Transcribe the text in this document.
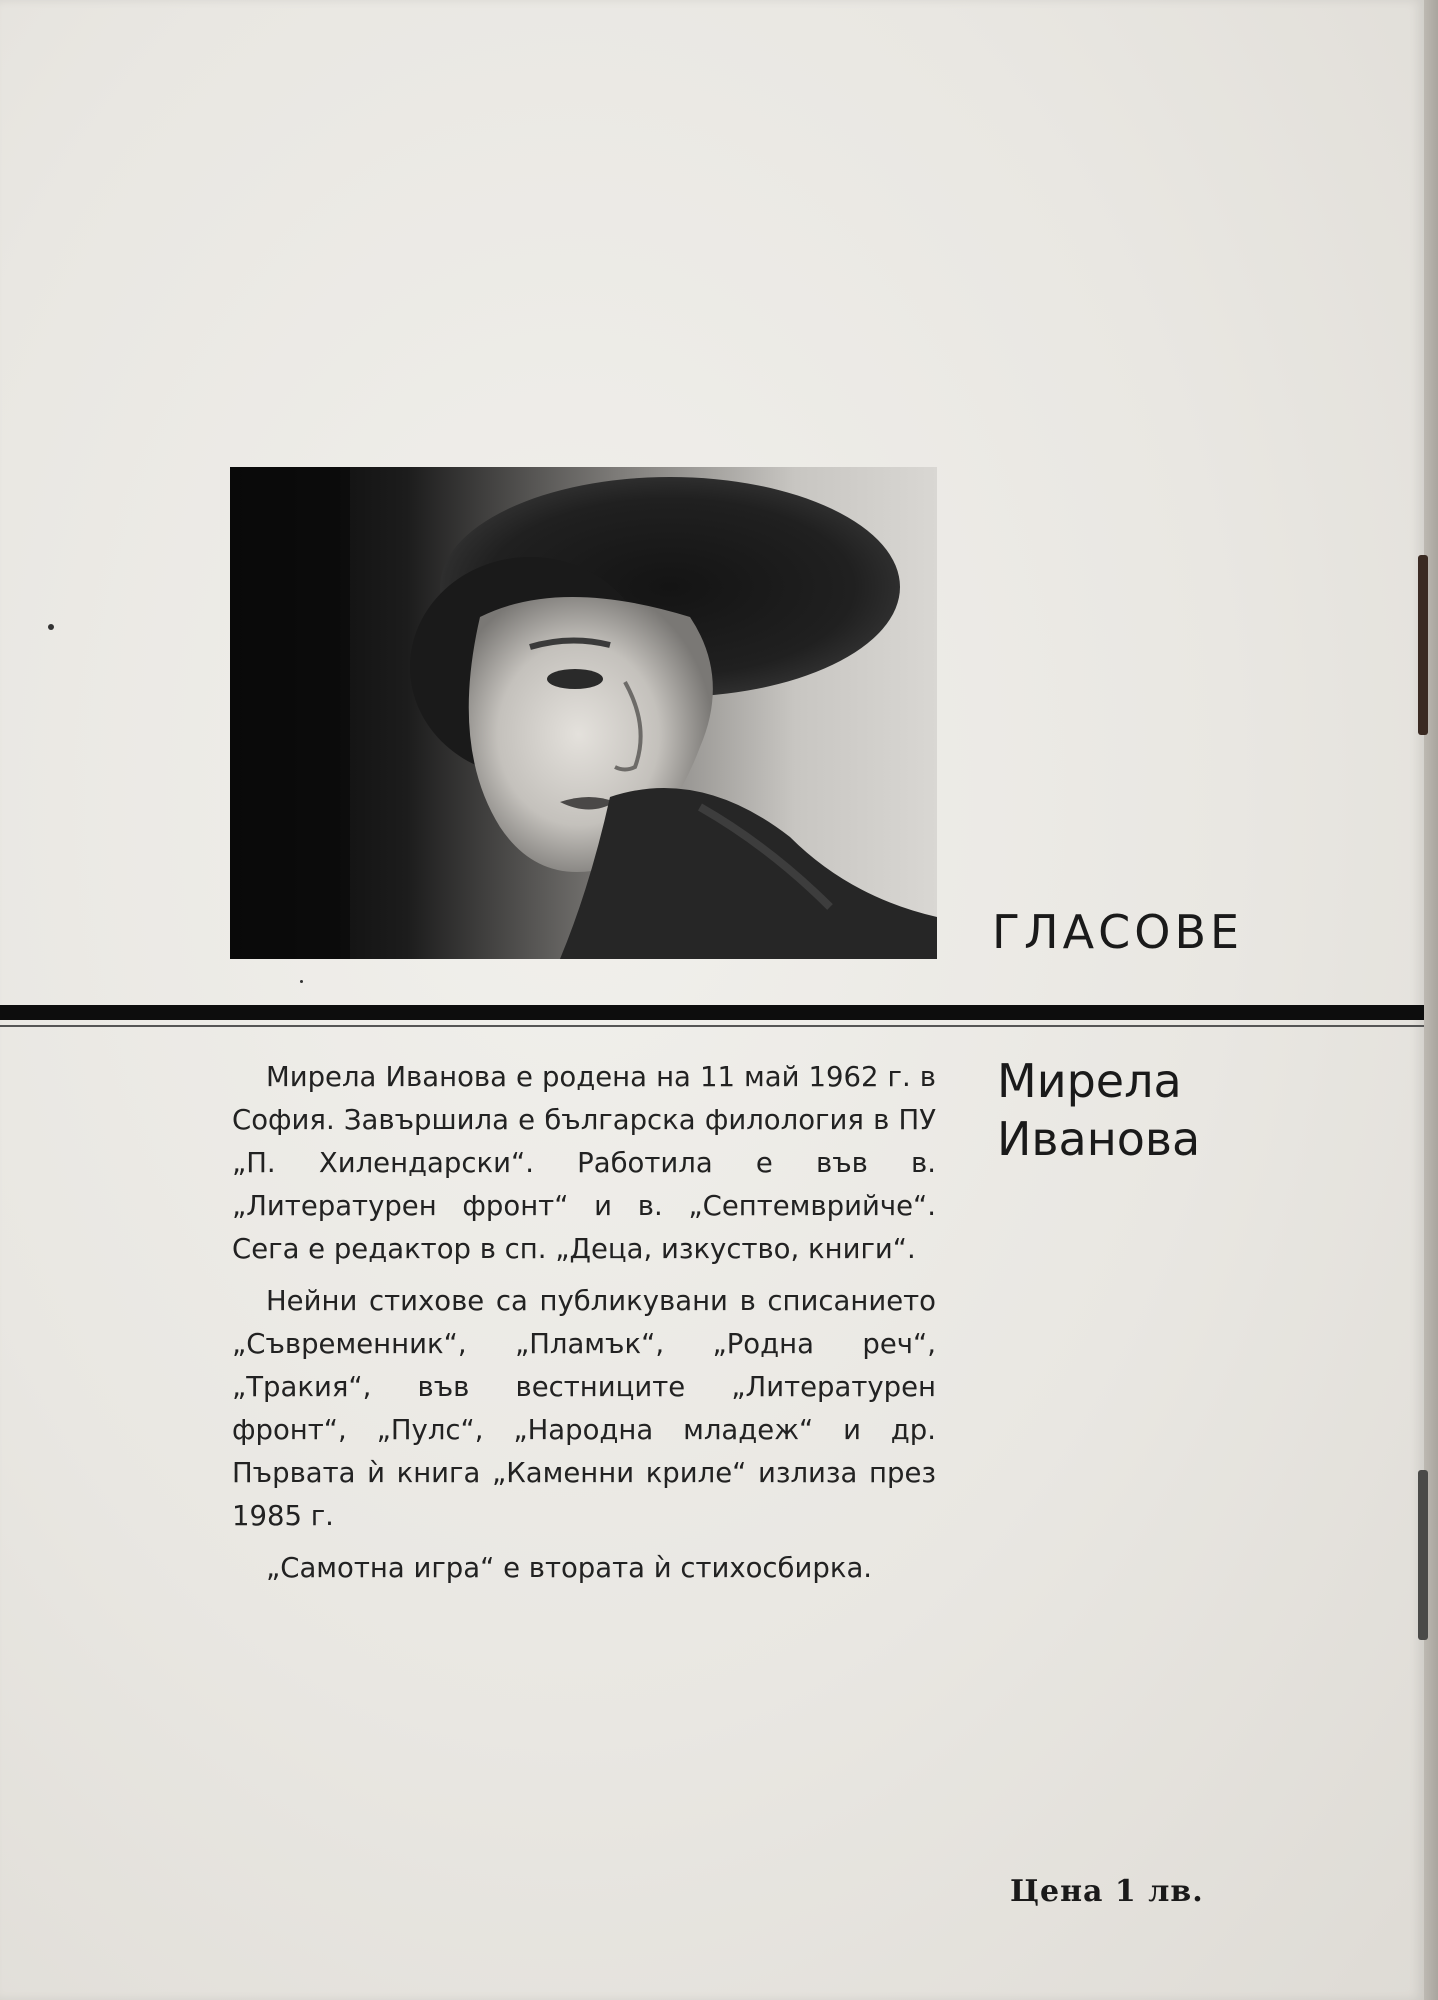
ГЛАСОВЕ
Мирела
Иванова

Мирела Иванова е родена на 11 май 1962 г. в София. Завършила е българска филология в ПУ „П. Хилендарски“. Работила е във в. „Литературен фронт“ и в. „Септемврийче“. Сега е редактор в сп. „Деца, изкуство, книги“.

Нейни стихове са публикувани в списанието „Съвременник“, „Пламък“, „Родна реч“, „Тракия“, във вестниците „Литературен фронт“, „Пулс“, „Народна младеж“ и др. Първата ѝ книга „Каменни криле“ излиза през 1985 г.

„Самотна игра“ е втората ѝ стихосбирка.

Цена 1 лв.
